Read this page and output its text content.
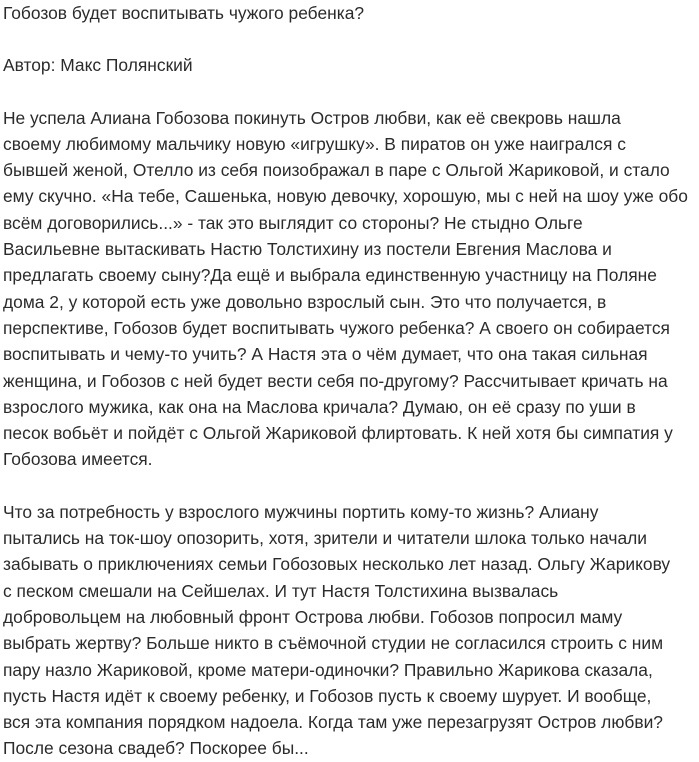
Гобозов будет воспитывать чужого ребенка?
Автор: Макс Полянский
Не успела Алиана Гобозова покинуть Остров любви, как её свекровь нашла
своему любимому мальчику новую «игрушку». В пиратов он уже наигрался с
бывшей женой, Отелло из себя поизображал в паре с Ольгой Жариковой, и стало
ему скучно. «На тебе, Сашенька, новую девочку, хорошую, мы с ней на шоу уже обо
всём договорились...» - так это выглядит со стороны? Не стыдно Ольге
Васильевне вытаскивать Настю Толстихину из постели Евгения Маслова и
предлагать своему сыну?Да ещё и выбрала единственную участницу на Поляне
дома 2, у которой есть уже довольно взрослый сын. Это что получается, в
перспективе, Гобозов будет воспитывать чужого ребенка? А своего он собирается
воспитывать и чему-то учить? А Настя эта о чём думает, что она такая сильная
женщина, и Гобозов с ней будет вести себя по-другому? Рассчитывает кричать на
взрослого мужика, как она на Маслова кричала? Думаю, он её сразу по уши в
песок вобьёт и пойдёт с Ольгой Жариковой флиртовать. К ней хотя бы симпатия у
Гобозова имеется.
Что за потребность у взрослого мужчины портить кому-то жизнь? Алиану
пытались на ток-шоу опозорить, хотя, зрители и читатели шлока только начали
забывать о приключениях семьи Гобозовых несколько лет назад. Ольгу Жарикову
с песком смешали на Сейшелах. И тут Настя Толстихина вызвалась
добровольцем на любовный фронт Острова любви. Гобозов попросил маму
выбрать жертву? Больше никто в съёмочной студии не согласился строить с ним
пару назло Жариковой, кроме матери-одиночки? Правильно Жарикова сказала,
пусть Настя идёт к своему ребенку, и Гобозов пусть к своему шурует. И вообще,
вся эта компания порядком надоела. Когда там уже перезагрузят Остров любви?
После сезона свадеб? Поскорее бы...
